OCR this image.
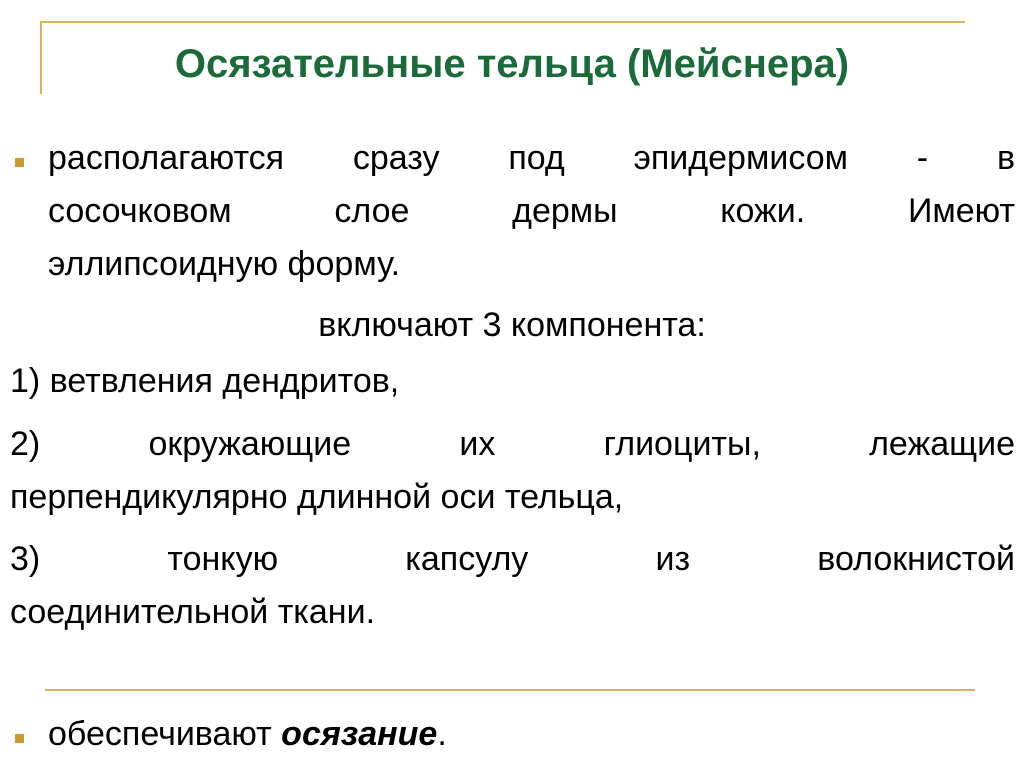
Осязательные тельца (Мейснера)
располагаются сразу под эпидермисом - в
сосочковом слое дермы кожи. Имеют
эллипсоидную форму.
включают 3 компонента:
1) ветвления дендритов,
2) окружающие их глиоциты, лежащие
перпендикулярно длинной оси тельца,
3) тонкую капсулу из волокнистой
соединительной ткани.
обеспечивают осязание.
